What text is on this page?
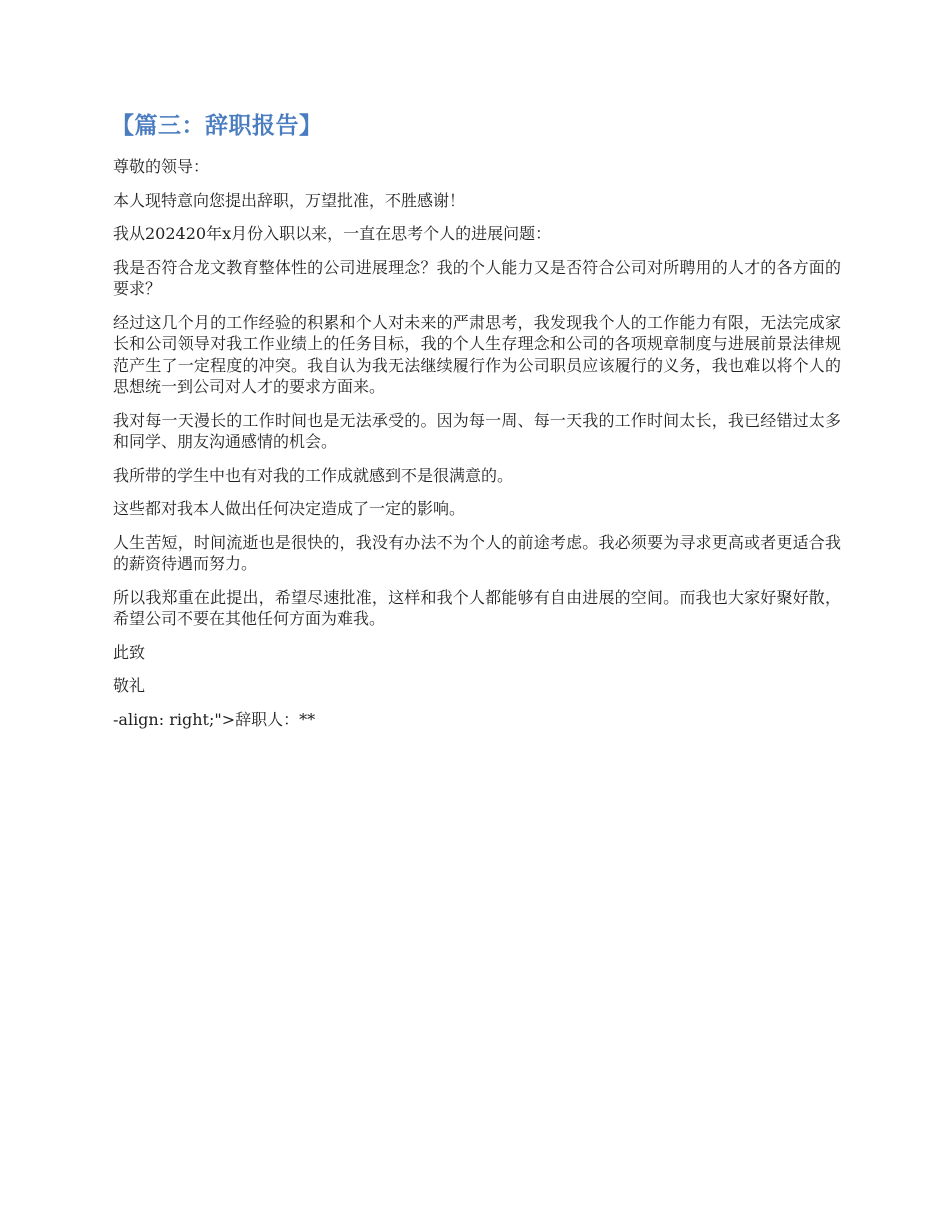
【篇三：辞职报告】

尊敬的领导：

本人现特意向您提出辞职，万望批准，不胜感谢！

我从202420年x月份入职以来，一直在思考个人的进展问题：

我是否符合龙文教育整体性的公司进展理念？我的个人能力又是否符合公司对所聘用的人才的各方面的要求？

经过这几个月的工作经验的积累和个人对未来的严肃思考，我发现我个人的工作能力有限，无法完成家长和公司领导对我工作业绩上的任务目标，我的个人生存理念和公司的各项规章制度与进展前景法律规范产生了一定程度的冲突。我自认为我无法继续履行作为公司职员应该履行的义务，我也难以将个人的思想统一到公司对人才的要求方面来。

我对每一天漫长的工作时间也是无法承受的。因为每一周、每一天我的工作时间太长，我已经错过太多和同学、朋友沟通感情的机会。

我所带的学生中也有对我的工作成就感到不是很满意的。

这些都对我本人做出任何决定造成了一定的影响。

人生苦短，时间流逝也是很快的，我没有办法不为个人的前途考虑。我必须要为寻求更高或者更适合我的薪资待遇而努力。

所以我郑重在此提出，希望尽速批准，这样和我个人都能够有自由进展的空间。而我也大家好聚好散，希望公司不要在其他任何方面为难我。

此致

敬礼

-align: right;">辞职人：**
